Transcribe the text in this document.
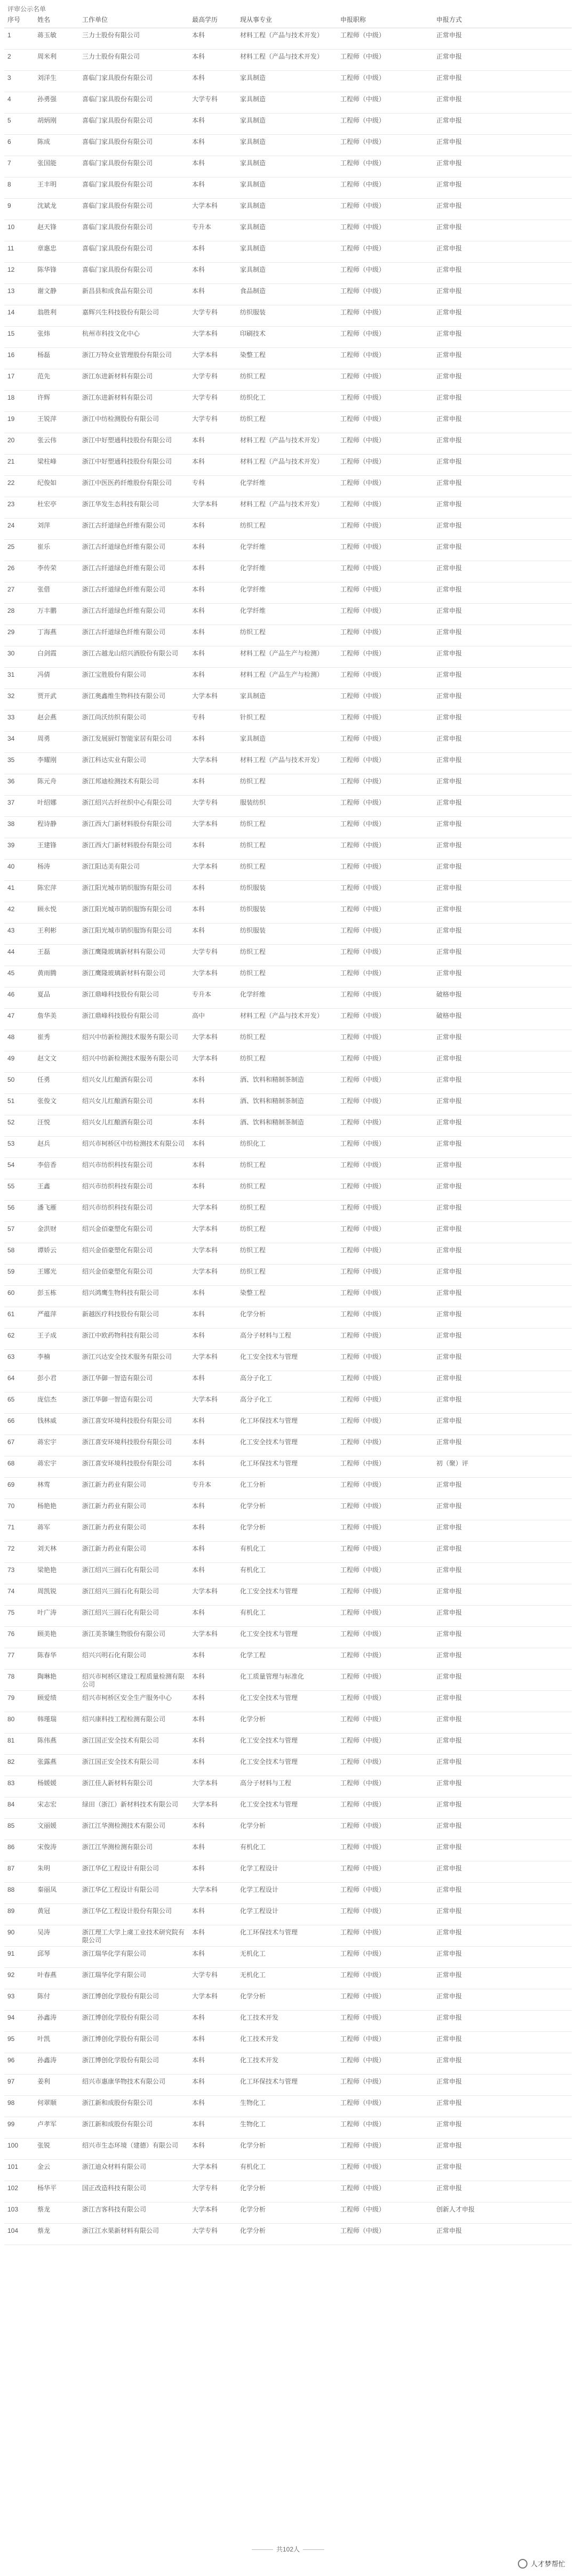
评审公示名单
序号	姓名	工作单位	最高学历	现从事专业	申报职称	申报方式
1	蒋玉敏	三力士股份有限公司	本科	材料工程（产品与技术开发）	工程师（中级）	正常申报
2	周米利	三力士股份有限公司	本科	材料工程（产品与技术开发）	工程师（中级）	正常申报
3	刘洋生	喜临门家具股份有限公司	本科	家具制造	工程师（中级）	正常申报
4	孙勇强	喜临门家具股份有限公司	大学专科	家具制造	工程师（中级）	正常申报
5	胡炳刚	喜临门家具股份有限公司	本科	家具制造	工程师（中级）	正常申报
6	陈成	喜临门家具股份有限公司	本科	家具制造	工程师（中级）	正常申报
7	张国能	喜临门家具股份有限公司	本科	家具制造	工程师（中级）	正常申报
8	王丰明	喜临门家具股份有限公司	本科	家具制造	工程师（中级）	正常申报
9	沈斌龙	喜临门家具股份有限公司	大学本科	家具制造	工程师（中级）	正常申报
10	赵天锋	喜临门家具股份有限公司	专升本	家具制造	工程师（中级）	正常申报
11	章惠忠	喜临门家具股份有限公司	本科	家具制造	工程师（中级）	正常申报
12	陈华锋	喜临门家具股份有限公司	本科	家具制造	工程师（中级）	正常申报
13	谢文静	新昌县和成食品有限公司	本科	食品制造	工程师（中级）	正常申报
14	翁胜利	嘉辉兴生科技股份有限公司	大学专科	纺织服装	工程师（中级）	正常申报
15	张炜	杭州市科技文化中心	大学本科	印刷技术	工程师（中级）	正常申报
16	杨磊	浙江万特众业管理股份有限公司	大学本科	染整工程	工程师（中级）	正常申报
17	范先	浙江东进新材料有限公司	大学专科	纺织工程	工程师（中级）	正常申报
18	许辉	浙江东进新材料有限公司	大学专科	纺织化工	工程师（中级）	正常申报
19	王锐萍	浙江中纺检测股份有限公司	大学专科	纺织工程	工程师（中级）	正常申报
20	张云伟	浙江中好塑通科技股份有限公司	本科	材料工程（产品与技术开发）	工程师（中级）	正常申报
21	梁柱峰	浙江中好塑通科技股份有限公司	本科	材料工程（产品与技术开发）	工程师（中级）	正常申报
22	纪俊如	浙江中医医药纤维股份有限公司	专科	化学纤维	工程师（中级）	正常申报
23	杜宏亭	浙江华发生态科技有限公司	大学本科	材料工程（产品与技术开发）	工程师（中级）	正常申报
24	刘萍	浙江古纤道绿色纤维有限公司	本科	纺织工程	工程师（中级）	正常申报
25	崔乐	浙江古纤道绿色纤维有限公司	本科	化学纤维	工程师（中级）	正常申报
26	李传荣	浙江古纤道绿色纤维有限公司	本科	化学纤维	工程师（中级）	正常申报
27	张借	浙江古纤道绿色纤维有限公司	本科	化学纤维	工程师（中级）	正常申报
28	万丰鹏	浙江古纤道绿色纤维有限公司	本科	化学纤维	工程师（中级）	正常申报
29	丁海燕	浙江古纤道绿色纤维有限公司	本科	纺织工程	工程师（中级）	正常申报
30	白剑霞	浙江古越龙山绍兴酒股份有限公司	本科	材料工程（产品生产与检测）	工程师（中级）	正常申报
31	冯倩	浙江宝胜股份有限公司	本科	材料工程（产品生产与检测）	工程师（中级）	正常申报
32	贾开武	浙江奥鑫维生物科技有限公司	大学本科	家具制造	工程师（中级）	正常申报
33	赵会燕	浙江尚沃纺织有限公司	专科	针织工程	工程师（中级）	正常申报
34	周勇	浙江发展厨灯智能家居有限公司	本科	家具制造	工程师（中级）	正常申报
35	李耀刚	浙江科达实业有限公司	大学本科	材料工程（产品与技术开发）	工程师（中级）	正常申报
36	陈元舟	浙江邦迪检测技术有限公司	本科	纺织工程	工程师（中级）	正常申报
37	叶绍娜	浙江绍兴古纤丝织中心有限公司	大学专科	服装纺织	工程师（中级）	正常申报
38	程诗静	浙江西大门新材料股份有限公司	大学本科	纺织工程	工程师（中级）	正常申报
39	王建锋	浙江西大门新材料股份有限公司	本科	纺织工程	工程师（中级）	正常申报
40	杨涛	浙江阳达美有限公司	大学本科	纺织工程	工程师（中级）	正常申报
41	陈宏萍	浙江阳光城市销织服饰有限公司	本科	纺织服装	工程师（中级）	正常申报
42	顾永悦	浙江阳光城市销织服饰有限公司	本科	纺织服装	工程师（中级）	正常申报
43	王利彬	浙江阳光城市销织服饰有限公司	本科	纺织服装	工程师（中级）	正常申报
44	王磊	浙江鹰隆玻璃新材料有限公司	大学专科	纺织工程	工程师（中级）	正常申报
45	黄雨腾	浙江鹰隆玻璃新材料有限公司	大学本科	纺织工程	工程师（中级）	正常申报
46	夏品	浙江鼎峰科技股份有限公司	专升本	化学纤维	工程师（中级）	破格申报
47	詹华美	浙江鼎峰科技股份有限公司	高中	材料工程（产品与技术开发）	工程师（中级）	破格申报
48	崔秀	绍兴中纺新检测技术服务有限公司	大学本科	纺织工程	工程师（中级）	正常申报
49	赵文文	绍兴中纺新检测技术服务有限公司	大学本科	纺织工程	工程师（中级）	正常申报
50	任勇	绍兴女儿红酿酒有限公司	本科	酒、饮料和精制茶制造	工程师（中级）	正常申报
51	张俊文	绍兴女儿红酿酒有限公司	本科	酒、饮料和精制茶制造	工程师（中级）	正常申报
52	汪悦	绍兴女儿红酿酒有限公司	本科	酒、饮料和精制茶制造	工程师（中级）	正常申报
53	赵兵	绍兴市柯桥区中纺检测技术有限公司	本科	纺织化工	工程师（中级）	正常申报
54	李倍香	绍兴市纺织科技有限公司	本科	纺织工程	工程师（中级）	正常申报
55	王鑫	绍兴市纺织科技有限公司	本科	纺织工程	工程师（中级）	正常申报
56	潘飞雁	绍兴市纺织科技有限公司	大学本科	纺织工程	工程师（中级）	正常申报
57	金洪财	绍兴金佰豪塑化有限公司	大学本科	纺织工程	工程师（中级）	正常申报
58	谭娇云	绍兴金佰豪塑化有限公司	大学本科	纺织工程	工程师（中级）	正常申报
59	王娜光	绍兴金佰豪塑化有限公司	大学本科	纺织工程	工程师（中级）	正常申报
60	彭玉栋	绍兴鸿鹰生物科技有限公司	本科	染整工程	工程师（中级）	正常申报
61	严蕴萍	新越医疗科技股份有限公司	本科	化学分析	工程师（中级）	正常申报
62	王子成	浙江中欧药物科技有限公司	本科	高分子材料与工程	工程师（中级）	正常申报
63	李楠	浙江兴达安全技术服务有限公司	大学本科	化工安全技术与管理	工程师（中级）	正常申报
64	彭小君	浙江华御一智造有限公司	本科	高分子化工	工程师（中级）	正常申报
65	庞信杰	浙江华御一智造有限公司	大学本科	高分子化工	工程师（中级）	正常申报
66	钱林威	浙江喜安环境科技股份有限公司	本科	化工环保技术与管理	工程师（中级）	正常申报
67	蒋宏宇	浙江喜安环境科技股份有限公司	本科	化工安全技术与管理	工程师（中级）	正常申报
68	蒋宏宇	浙江喜安环境科技股份有限公司	本科	化工环保技术与管理	工程师（中级）	初（聚）评
69	林莺	浙江新力药业有限公司	专升本	化工分析	工程师（中级）	正常申报
70	杨艳艳	浙江新力药业有限公司	本科	化学分析	工程师（中级）	正常申报
71	蒋军	浙江新力药业有限公司	本科	化学分析	工程师（中级）	正常申报
72	刘天林	浙江新力药业有限公司	本科	有机化工	工程师（中级）	正常申报
73	梁艳艳	浙江绍兴三圆石化有限公司	本科	有机化工	工程师（中级）	正常申报
74	周凯锐	浙江绍兴三圆石化有限公司	大学本科	化工安全技术与管理	工程师（中级）	正常申报
75	叶广涛	浙江绍兴三圆石化有限公司	本科	有机化工	工程师（中级）	正常申报
76	顾美艳	浙江美茶镶生物股份有限公司	大学本科	化工安全技术与管理	工程师（中级）	正常申报
77	陈春华	绍兴兴明石化有限公司	本科	化学工程	工程师（中级）	正常申报
78	陶琳艳	绍兴市柯桥区建设工程质量检测有限公司	本科	化工质量管理与标准化	工程师（中级）	正常申报
79	顾爱绩	绍兴市柯桥区安全生产服务中心	本科	化工安全技术与管理	工程师（中级）	正常申报
80	韩瑾瑞	绍兴康科技工程检测有限公司	本科	化学分析	工程师（中级）	正常申报
81	陈伟燕	浙江国正安全技术有限公司	本科	化工安全技术与管理	工程师（中级）	正常申报
82	张露燕	浙江国正安全技术有限公司	本科	化工安全技术与管理	工程师（中级）	正常申报
83	杨媛媛	浙江佳人新材料有限公司	大学本科	高分子材料与工程	工程师（中级）	正常申报
84	宋志宏	绿田（浙江）新材料技术有限公司	大学本科	化工安全技术与管理	工程师（中级）	正常申报
85	文丽媛	浙江江华测检测技术有限公司	本科	化学分析	工程师（中级）	正常申报
86	宋俊涛	浙江江华测检测有限公司	本科	有机化工	工程师（中级）	正常申报
87	朱明	浙江华亿工程设计有限公司	本科	化学工程设计	工程师（中级）	正常申报
88	秦丽凤	浙江华亿工程设计有限公司	大学本科	化学工程设计	工程师（中级）	正常申报
89	黄冠	浙江华亿工程设计股份有限公司	本科	化学工程设计	工程师（中级）	正常申报
90	吴涛	浙江理工大学上虞工业技术研究院有限公司	本科	化工环保技术与管理	工程师（中级）	正常申报
91	邱琴	浙江瑞华化学有限公司	本科	无机化工	工程师（中级）	正常申报
92	叶春燕	浙江瑞华化学有限公司	大学专科	无机化工	工程师（中级）	正常申报
93	陈付	浙江博创化学股份有限公司	大学本科	化学分析	工程师（中级）	正常申报
94	孙鑫涛	浙江博创化学股份有限公司	本科	化工技术开发	工程师（中级）	正常申报
95	叶凯	浙江博创化学股份有限公司	本科	化工技术开发	工程师（中级）	正常申报
96	孙鑫涛	浙江博创化学股份有限公司	本科	化工技术开发	工程师（中级）	正常申报
97	姜利	绍兴市惠康华物技术有限公司	本科	化工环保技术与管理	工程师（中级）	正常申报
98	何翠顺	浙江新和成股份有限公司	本科	生物化工	工程师（中级）	正常申报
99	卢孝军	浙江新和成股份有限公司	本科	生物化工	工程师（中级）	正常申报
100	张锐	绍兴市生态环境（建德）有限公司	本科	化学分析	工程师（中级）	正常申报
101	金云	浙江迪众材料有限公司	大学本科	有机化工	工程师（中级）	正常申报
102	杨华平	国正改造科技有限公司	大学专科	化学分析	工程师（中级）	正常申报
103	蔡龙	浙江吉客科技有限公司	大学本科	化学分析	工程师（中级）	创新人才申报
104	蔡龙	浙江江水果新材料有限公司	大学专科	化学分析	工程师（中级）	正常申报
共102人
人才梦帮忙
